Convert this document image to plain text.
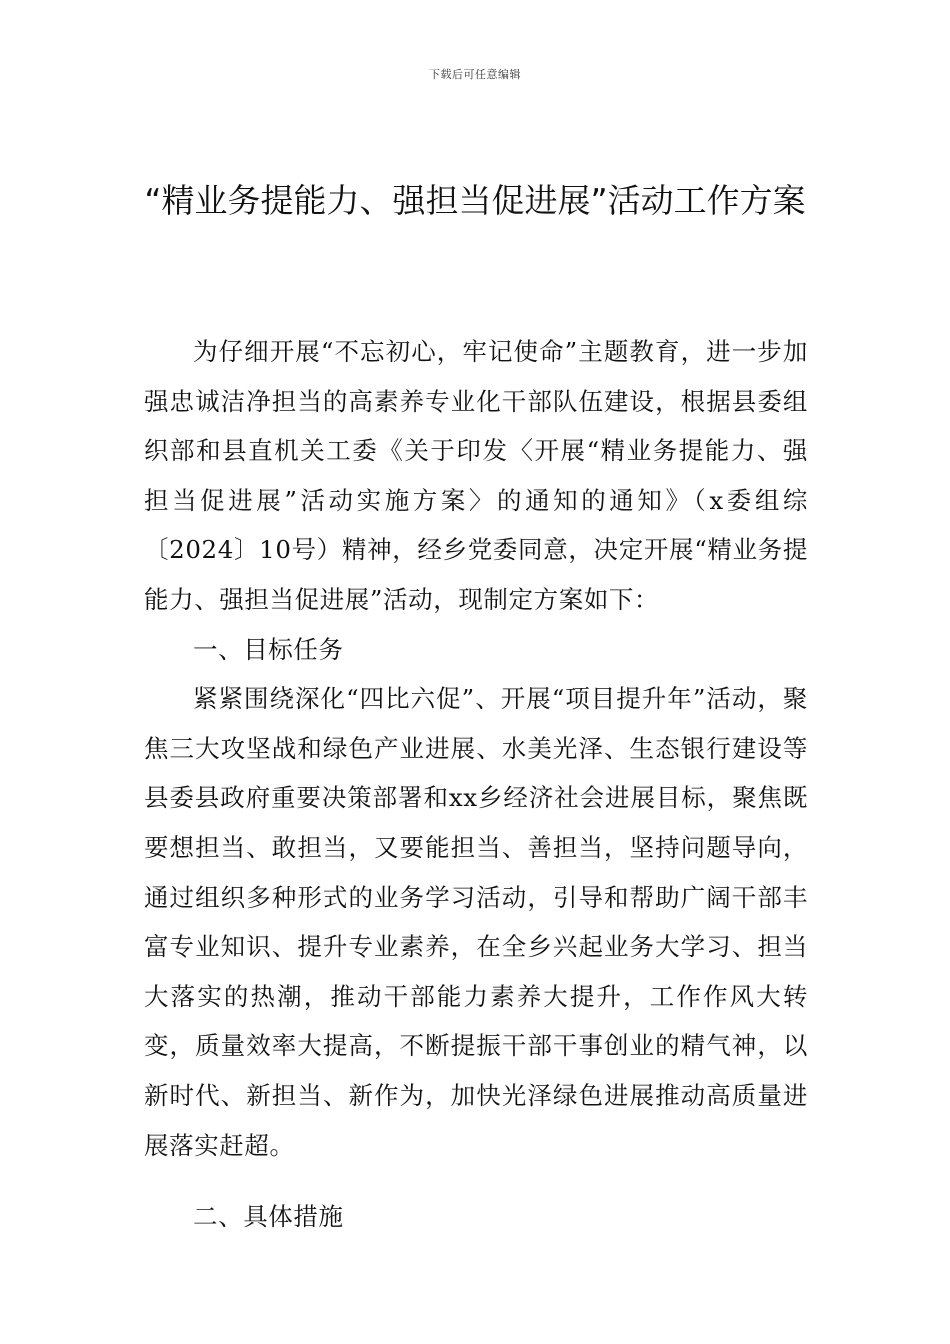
下载后可任意编辑
“精业务提能力、强担当促进展”活动工作方案

为仔细开展“不忘初心，牢记使命”主题教育，进一步加强忠诚洁净担当的高素养专业化干部队伍建设，根据县委组织部和县直机关工委《关于印发〈开展“精业务提能力、强担当促进展”活动实施方案〉的通知的通知》（x委组综〔2024〕10号）精神，经乡党委同意，决定开展“精业务提能力、强担当促进展”活动，现制定方案如下：

一、目标任务

紧紧围绕深化“四比六促”、开展“项目提升年”活动，聚焦三大攻坚战和绿色产业进展、水美光泽、生态银行建设等县委县政府重要决策部署和xx乡经济社会进展目标，聚焦既要想担当、敢担当，又要能担当、善担当，坚持问题导向，通过组织多种形式的业务学习活动，引导和帮助广阔干部丰富专业知识、提升专业素养，在全乡兴起业务大学习、担当大落实的热潮，推动干部能力素养大提升，工作作风大转变，质量效率大提高，不断提振干部干事创业的精气神，以新时代、新担当、新作为，加快光泽绿色进展推动高质量进展落实赶超。

二、具体措施
